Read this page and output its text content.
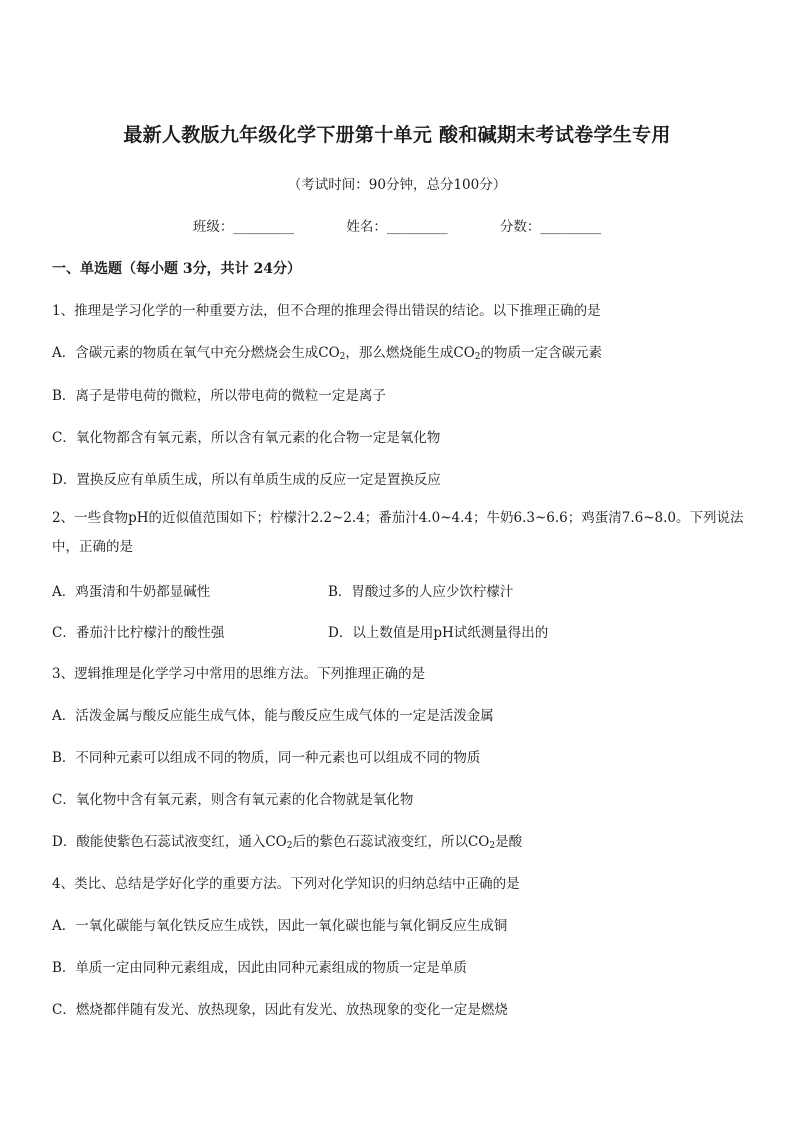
最新人教版九年级化学下册第十单元 酸和碱期末考试卷学生专用
（考试时间：90分钟，总分100分）
班级：_________	姓名：_________	分数：_________
一、单选题（每小题 3分，共计 24分）
1、推理是学习化学的一种重要方法，但不合理的推理会得出错误的结论。以下推理正确的是
A．含碳元素的物质在氧气中充分燃烧会生成$CO_2$，那么燃烧能生成$CO_2$的物质一定含碳元素
B．离子是带电荷的微粒，所以带电荷的微粒一定是离子
C．氧化物都含有氧元素，所以含有氧元素的化合物一定是氧化物
D．置换反应有单质生成，所以有单质生成的反应一定是置换反应
2、一些食物pH的近似值范围如下；柠檬汁2.2~2.4；番茄汁4.0~4.4；牛奶6.3~6.6；鸡蛋清7.6~8.0。下列说法中，正确的是
A．鸡蛋清和牛奶都显碱性	B．胃酸过多的人应少饮柠檬汁
C．番茄汁比柠檬汁的酸性强	D．以上数值是用pH试纸测量得出的
3、逻辑推理是化学学习中常用的思维方法。下列推理正确的是
A．活泼金属与酸反应能生成气体，能与酸反应生成气体的一定是活泼金属
B．不同种元素可以组成不同的物质，同一种元素也可以组成不同的物质
C．氧化物中含有氧元素，则含有氧元素的化合物就是氧化物
D．酸能使紫色石蕊试液变红，通入$CO_2$后的紫色石蕊试液变红，所以$CO_2$是酸
4、类比、总结是学好化学的重要方法。下列对化学知识的归纳总结中正确的是
A．一氧化碳能与氧化铁反应生成铁，因此一氧化碳也能与氧化铜反应生成铜
B．单质一定由同种元素组成，因此由同种元素组成的物质一定是单质
C．燃烧都伴随有发光、放热现象，因此有发光、放热现象的变化一定是燃烧
